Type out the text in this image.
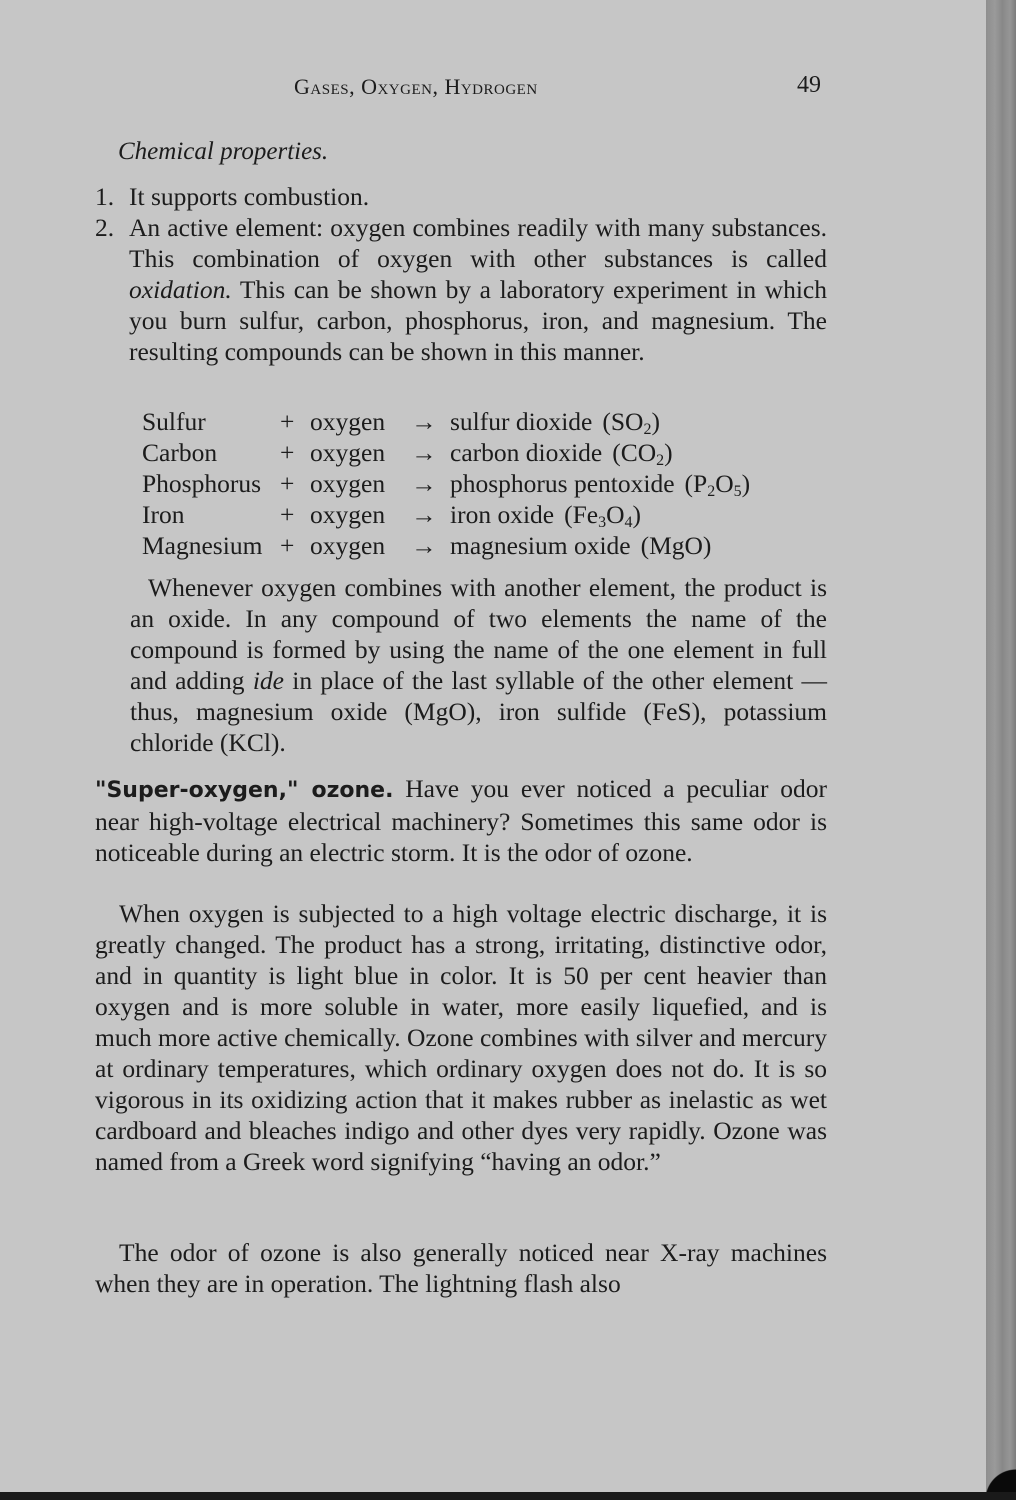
Gases, Oxygen, Hydrogen	49
Chemical properties.
1. It supports combustion.
2. An active element: oxygen combines readily with many substances. This combination of oxygen with other substances is called oxidation. This can be shown by a laboratory experiment in which you burn sulfur, carbon, phosphorus, iron, and magnesium. The resulting compounds can be shown in this manner.
Sulfur	+ oxygen	→ sulfur dioxide $(SO_2)$
Carbon	+ oxygen	→ carbon dioxide $(CO_2)$
Phosphorus + oxygen	→ phosphorus pentoxide $(P_2O_5)$
Iron	+ oxygen	→ iron oxide $(Fe_3O_4)$
Magnesium + oxygen	→ magnesium oxide (MgO)
Whenever oxygen combines with another element, the product is an oxide. In any compound of two elements the name of the compound is formed by using the name of the one element in full and adding ide in place of the last syllable of the other element — thus, magnesium oxide (MgO), iron sulfide (FeS), potassium chloride (KCl).
"Super-oxygen," ozone. Have you ever noticed a peculiar odor near high-voltage electrical machinery? Sometimes this same odor is noticeable during an electric storm. It is the odor of ozone.
When oxygen is subjected to a high voltage electric discharge, it is greatly changed. The product has a strong, irritating, distinctive odor, and in quantity is light blue in color. It is 50 per cent heavier than oxygen and is more soluble in water, more easily liquefied, and is much more active chemically. Ozone combines with silver and mercury at ordinary temperatures, which ordinary oxygen does not do. It is so vigorous in its oxidizing action that it makes rubber as inelastic as wet cardboard and bleaches indigo and other dyes very rapidly. Ozone was named from a Greek word signifying “having an odor.”
The odor of ozone is also generally noticed near X-ray machines when they are in operation. The lightning flash also
